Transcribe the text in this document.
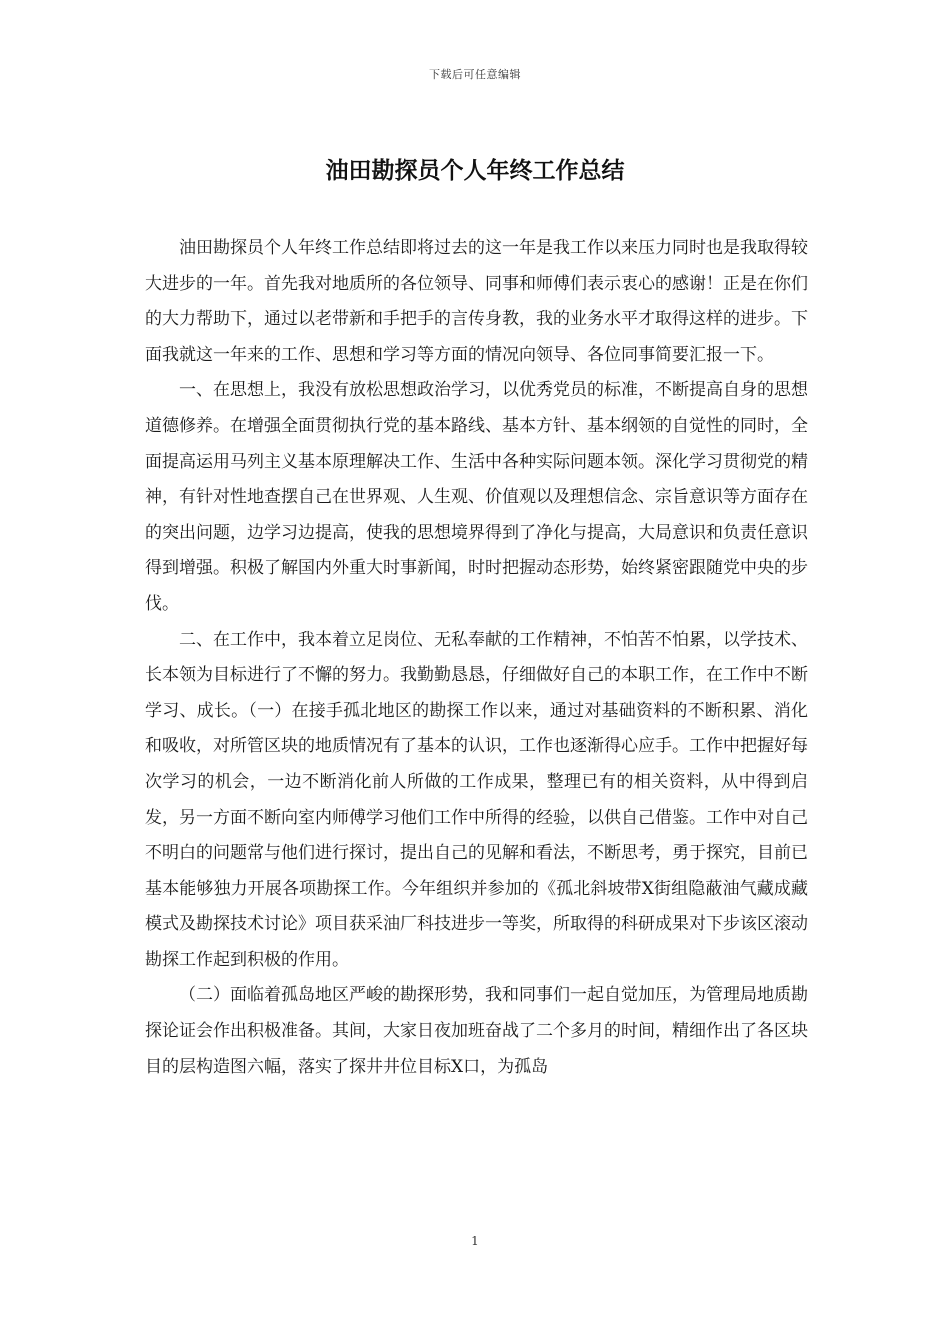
下载后可任意编辑
油田勘探员个人年终工作总结

油田勘探员个人年终工作总结即将过去的这一年是我工作以来压力同时也是我取得较大进步的一年。首先我对地质所的各位领导、同事和师傅们表示衷心的感谢！正是在你们的大力帮助下，通过以老带新和手把手的言传身教，我的业务水平才取得这样的进步。下面我就这一年来的工作、思想和学习等方面的情况向领导、各位同事简要汇报一下。

一、在思想上，我没有放松思想政治学习，以优秀党员的标准，不断提高自身的思想道德修养。在增强全面贯彻执行党的基本路线、基本方针、基本纲领的自觉性的同时，全面提高运用马列主义基本原理解决工作、生活中各种实际问题本领。深化学习贯彻党的精神，有针对性地查摆自己在世界观、人生观、价值观以及理想信念、宗旨意识等方面存在的突出问题，边学习边提高，使我的思想境界得到了净化与提高，大局意识和负责任意识得到增强。积极了解国内外重大时事新闻，时时把握动态形势，始终紧密跟随党中央的步伐。

二、在工作中，我本着立足岗位、无私奉献的工作精神，不怕苦不怕累，以学技术、长本领为目标进行了不懈的努力。我勤勤恳恳，仔细做好自己的本职工作，在工作中不断学习、成长。（一）在接手孤北地区的勘探工作以来，通过对基础资料的不断积累、消化和吸收，对所管区块的地质情况有了基本的认识，工作也逐渐得心应手。工作中把握好每次学习的机会，一边不断消化前人所做的工作成果，整理已有的相关资料，从中得到启发，另一方面不断向室内师傅学习他们工作中所得的经验，以供自己借鉴。工作中对自己不明白的问题常与他们进行探讨，提出自己的见解和看法，不断思考，勇于探究，目前已基本能够独力开展各项勘探工作。今年组织并参加的《孤北斜坡带X街组隐蔽油气藏成藏模式及勘探技术讨论》项目获采油厂科技进步一等奖，所取得的科研成果对下步该区滚动勘探工作起到积极的作用。

（二）面临着孤岛地区严峻的勘探形势，我和同事们一起自觉加压，为管理局地质勘探论证会作出积极准备。其间，大家日夜加班奋战了二个多月的时间，精细作出了各区块目的层构造图六幅，落实了探井井位目标X口，为孤岛

1
